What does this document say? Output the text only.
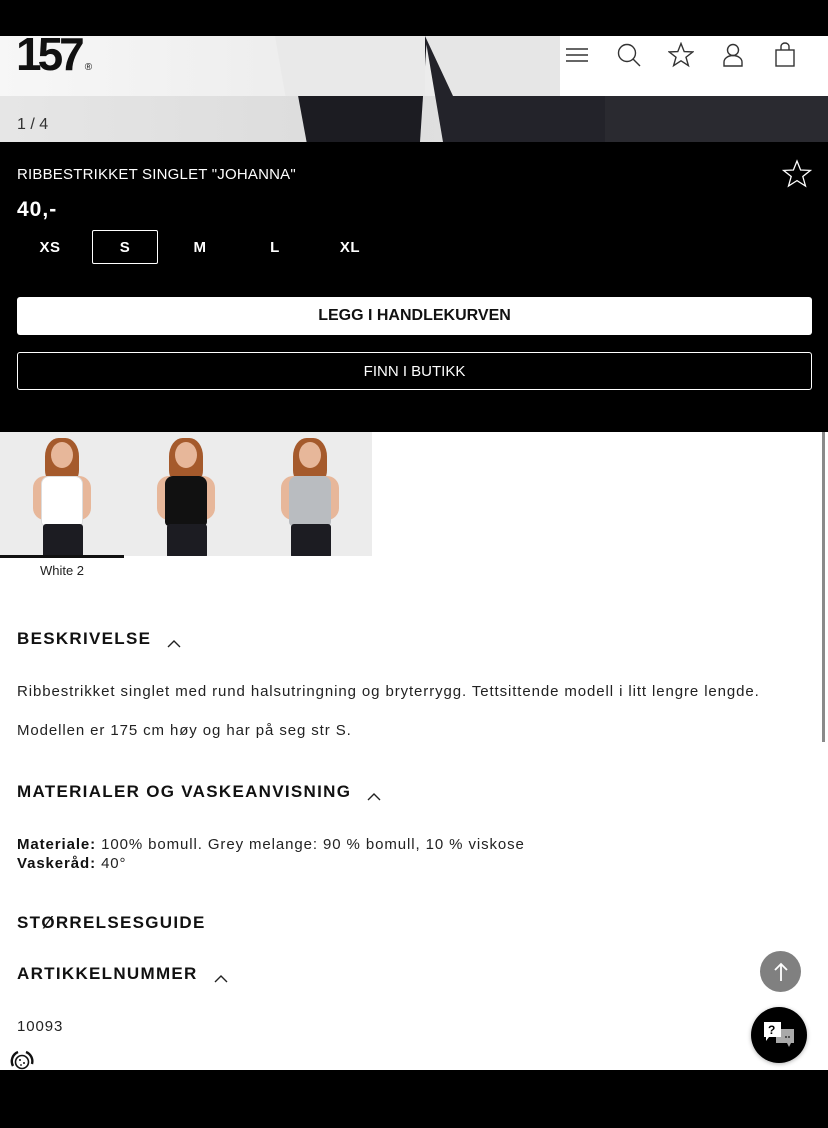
157 ®
1 / 4
RIBBESTRIKKET SINGLET "JOHANNA"
40,-
XS	S	M	L	XL
LEGG I HANDLEKURVEN
FINN I BUTIKK
White 2
BESKRIVELSE
Ribbestrikket singlet med rund halsutringning og bryterrygg. Tettsittende modell i litt lengre lengde.
Modellen er 175 cm høy og har på seg str S.
MATERIALER OG VASKEANVISNING
Materiale: 100% bomull. Grey melange: 90 % bomull, 10 % viskose
Vaskeråd: 40°
STØRRELSESGUIDE
ARTIKKELNUMMER
10093	?
